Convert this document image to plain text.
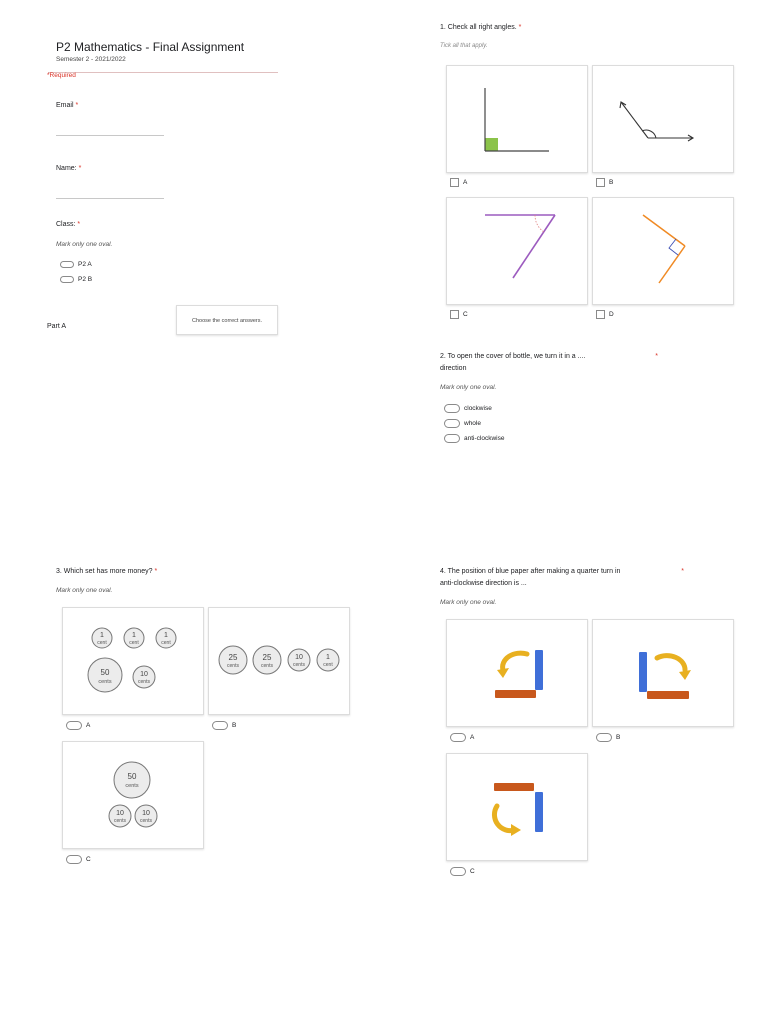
P2 Mathematics - Final Assignment
Semester 2 - 2021/2022
*Required
Email *
Name: *
Class: *
Mark only one oval.
P2 A
P2 B
Part A
Choose the correct answers.
1. Check all right angles. *
Tick all that apply.
A	B
C	D
2. To open the cover of bottle, we turn it in a ....	*
direction
Mark only one oval.
clockwise
whole
anti-clockwise
3. Which set has more money? *
Mark only one oval.
1
cent
1
cent
1
cent
50
cents
10
cents
25
cents
25
cents
10
cents
1
cent
A	B
50
cents
10
cents
10
cents
C
4. The position of blue paper after making a quarter turn in	*
anti-clockwise direction is ...
Mark only one oval.
A	B
C
